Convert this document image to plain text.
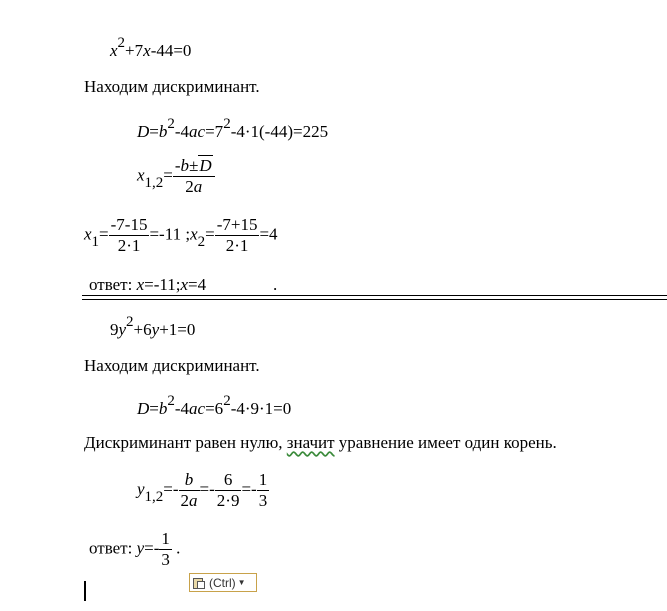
x2+7x-44=0
Находим дискриминант.
D=b2-4ac=72-4·1(-44)=225
$x1,2= \frac{-b\pm D}{2a}$
$x1= \frac{-7-15}{2\cdot 1} =-11$ ;x2= $\frac{-7+15}{2\cdot 1} =4$
ответ: x=-11;x=4	.
9y2+6y+1=0
Находим дискриминант.
D=b2-4ac=62-4·9·1=0
Дискриминант равен нулю, значит уравнение имеет один корень.
$y1,2=- \frac{b}{2a} =- \frac{6}{2\cdot 9} =- \frac{1}{3}$
ответ: $y=- \frac{1}{3}$ .
(Ctrl) ▼
